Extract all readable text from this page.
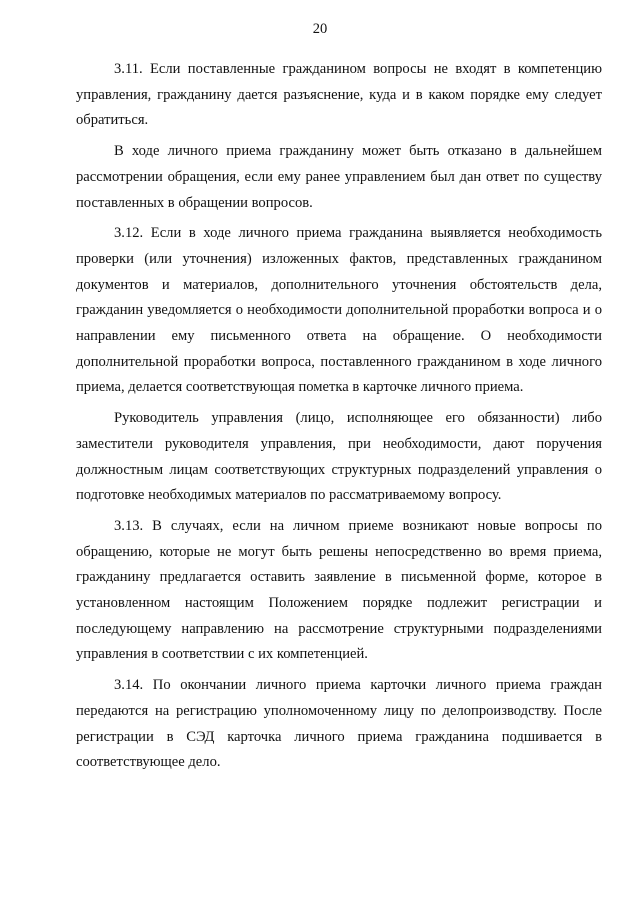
20

3.11. Если поставленные гражданином вопросы не входят в компетенцию управления, гражданину дается разъяснение, куда и в каком порядке ему следует обратиться.

В ходе личного приема гражданину может быть отказано в дальнейшем рассмотрении обращения, если ему ранее управлением был дан ответ по существу поставленных в обращении вопросов.

3.12. Если в ходе личного приема гражданина выявляется необходимость проверки (или уточнения) изложенных фактов, представленных гражданином документов и материалов, дополнительного уточнения обстоятельств дела, гражданин уведомляется о необходимости дополнительной проработки вопроса и о направлении ему письменного ответа на обращение. О необходимости дополнительной проработки вопроса, поставленного гражданином в ходе личного приема, делается соответствующая пометка в карточке личного приема.

Руководитель управления (лицо, исполняющее его обязанности) либо заместители руководителя управления, при необходимости, дают поручения должностным лицам соответствующих структурных подразделений управления о подготовке необходимых материалов по рассматриваемому вопросу.

3.13. В случаях, если на личном приеме возникают новые вопросы по обращению, которые не могут быть решены непосредственно во время приема, гражданину предлагается оставить заявление в письменной форме, которое в установленном настоящим Положением порядке подлежит регистрации и последующему направлению на рассмотрение структурными подразделениями управления в соответствии с их компетенцией.

3.14. По окончании личного приема карточки личного приема граждан передаются на регистрацию уполномоченному лицу по делопроизводству. После регистрации в СЭД карточка личного приема гражданина подшивается в соответствующее дело.
